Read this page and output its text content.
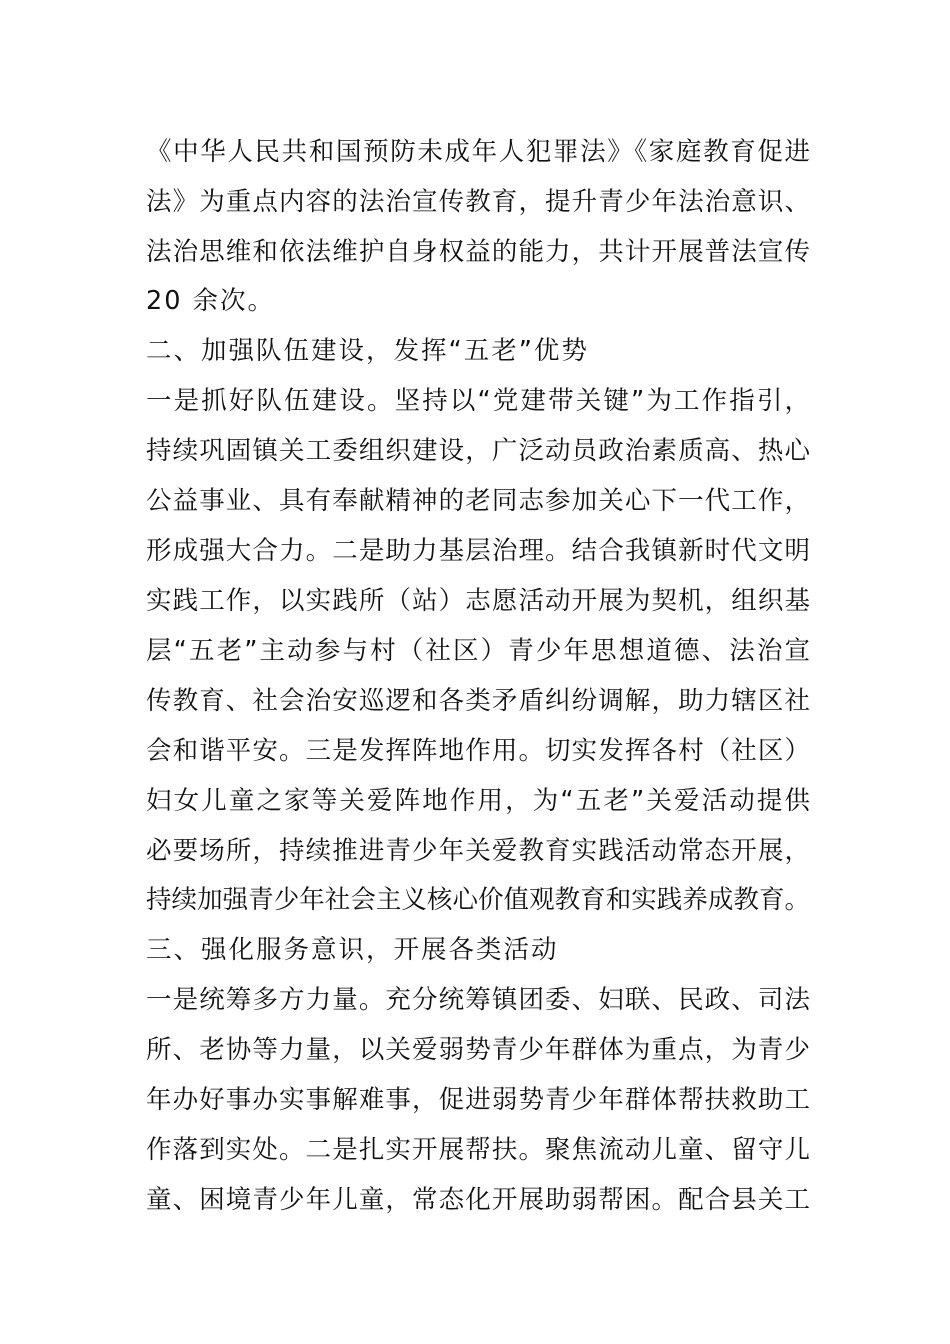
《中华人民共和国预防未成年人犯罪法》《家庭教育促进
法》为重点内容的法治宣传教育，提升青少年法治意识、
法治思维和依法维护自身权益的能力，共计开展普法宣传
20 余次。
二、加强队伍建设，发挥“五老”优势
一是抓好队伍建设。坚持以“党建带关键”为工作指引，
持续巩固镇关工委组织建设，广泛动员政治素质高、热心
公益事业、具有奉献精神的老同志参加关心下一代工作，
形成强大合力。二是助力基层治理。结合我镇新时代文明
实践工作，以实践所（站）志愿活动开展为契机，组织基
层“五老”主动参与村（社区）青少年思想道德、法治宣
传教育、社会治安巡逻和各类矛盾纠纷调解，助力辖区社
会和谐平安。三是发挥阵地作用。切实发挥各村（社区）
妇女儿童之家等关爱阵地作用，为“五老”关爱活动提供
必要场所，持续推进青少年关爱教育实践活动常态开展，
持续加强青少年社会主义核心价值观教育和实践养成教育。
三、强化服务意识，开展各类活动
一是统筹多方力量。充分统筹镇团委、妇联、民政、司法
所、老协等力量，以关爱弱势青少年群体为重点，为青少
年办好事办实事解难事，促进弱势青少年群体帮扶救助工
作落到实处。二是扎实开展帮扶。聚焦流动儿童、留守儿
童、困境青少年儿童，常态化开展助弱帮困。配合县关工
